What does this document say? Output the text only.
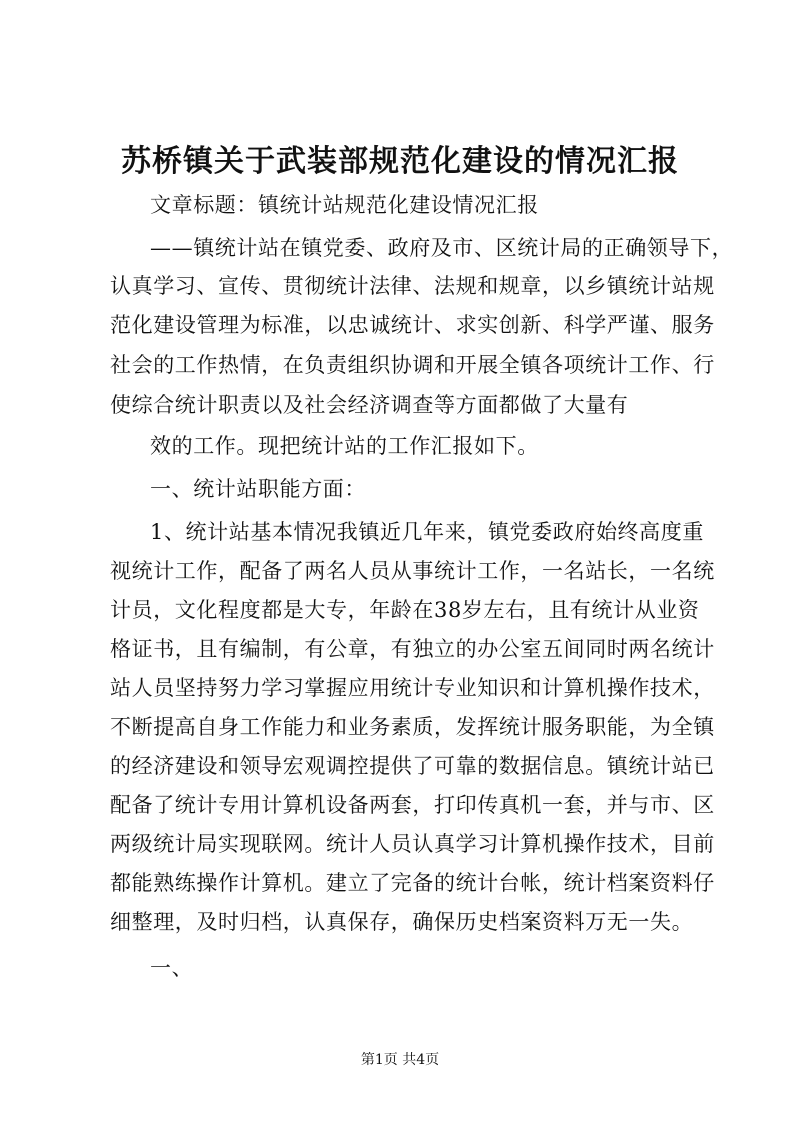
苏桥镇关于武装部规范化建设的情况汇报
文章标题：镇统计站规范化建设情况汇报
——镇统计站在镇党委、政府及市、区统计局的正确领导下，
认真学习、宣传、贯彻统计法律、法规和规章，以乡镇统计站规
范化建设管理为标准，以忠诚统计、求实创新、科学严谨、服务
社会的工作热情，在负责组织协调和开展全镇各项统计工作、行
使综合统计职责以及社会经济调查等方面都做了大量有
效的工作。现把统计站的工作汇报如下。
一、统计站职能方面：
1、统计站基本情况我镇近几年来，镇党委政府始终高度重
视统计工作，配备了两名人员从事统计工作，一名站长，一名统
计员，文化程度都是大专，年龄在38岁左右，且有统计从业资
格证书，且有编制，有公章，有独立的办公室五间同时两名统计
站人员坚持努力学习掌握应用统计专业知识和计算机操作技术，
不断提高自身工作能力和业务素质，发挥统计服务职能，为全镇
的经济建设和领导宏观调控提供了可靠的数据信息。镇统计站已
配备了统计专用计算机设备两套，打印传真机一套，并与市、区
两级统计局实现联网。统计人员认真学习计算机操作技术，目前
都能熟练操作计算机。建立了完备的统计台帐，统计档案资料仔
细整理，及时归档，认真保存，确保历史档案资料万无一失。
一、
第1页 共4页
